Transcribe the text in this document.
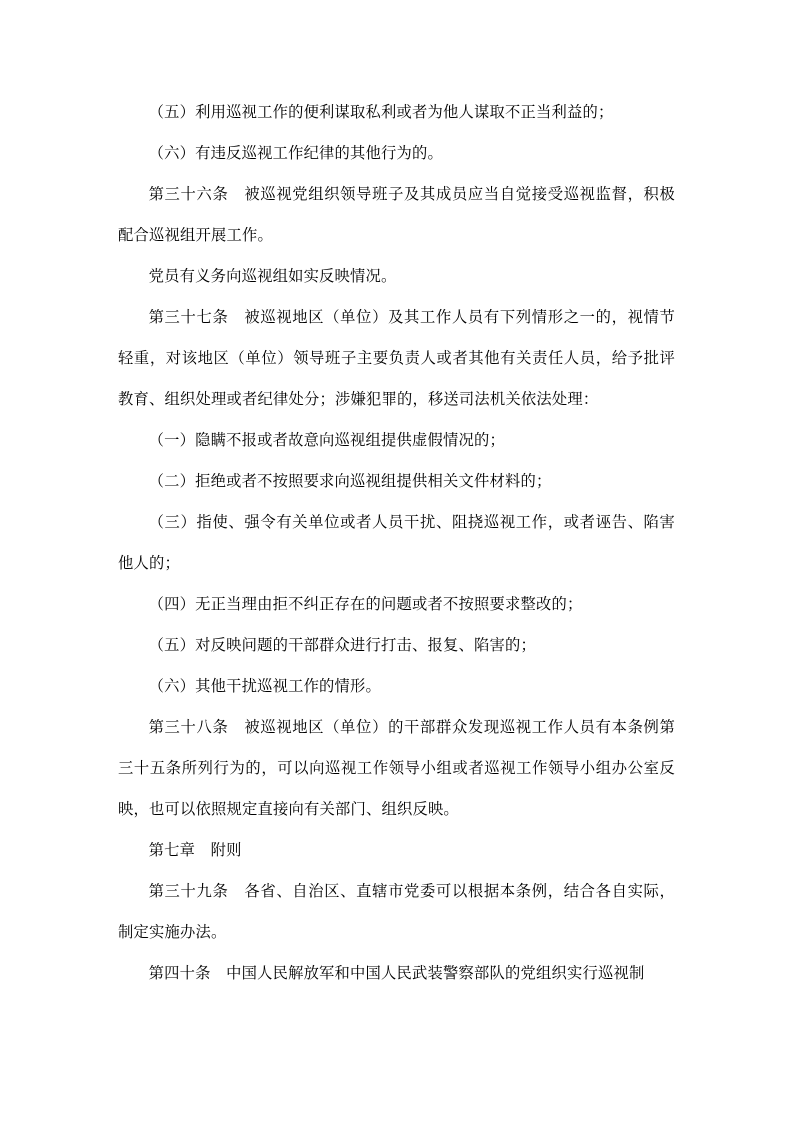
（五）利用巡视工作的便利谋取私利或者为他人谋取不正当利益的；

（六）有违反巡视工作纪律的其他行为的。

第三十六条　被巡视党组织领导班子及其成员应当自觉接受巡视监督，积极配合巡视组开展工作。

党员有义务向巡视组如实反映情况。

第三十七条　被巡视地区（单位）及其工作人员有下列情形之一的，视情节轻重，对该地区（单位）领导班子主要负责人或者其他有关责任人员，给予批评教育、组织处理或者纪律处分；涉嫌犯罪的，移送司法机关依法处理：

（一）隐瞒不报或者故意向巡视组提供虚假情况的；

（二）拒绝或者不按照要求向巡视组提供相关文件材料的；

（三）指使、强令有关单位或者人员干扰、阻挠巡视工作，或者诬告、陷害他人的；

（四）无正当理由拒不纠正存在的问题或者不按照要求整改的；

（五）对反映问题的干部群众进行打击、报复、陷害的；

（六）其他干扰巡视工作的情形。

第三十八条　被巡视地区（单位）的干部群众发现巡视工作人员有本条例第三十五条所列行为的，可以向巡视工作领导小组或者巡视工作领导小组办公室反映，也可以依照规定直接向有关部门、组织反映。

第七章　附则

第三十九条　各省、自治区、直辖市党委可以根据本条例，结合各自实际，制定实施办法。

第四十条　中国人民解放军和中国人民武装警察部队的党组织实行巡视制
